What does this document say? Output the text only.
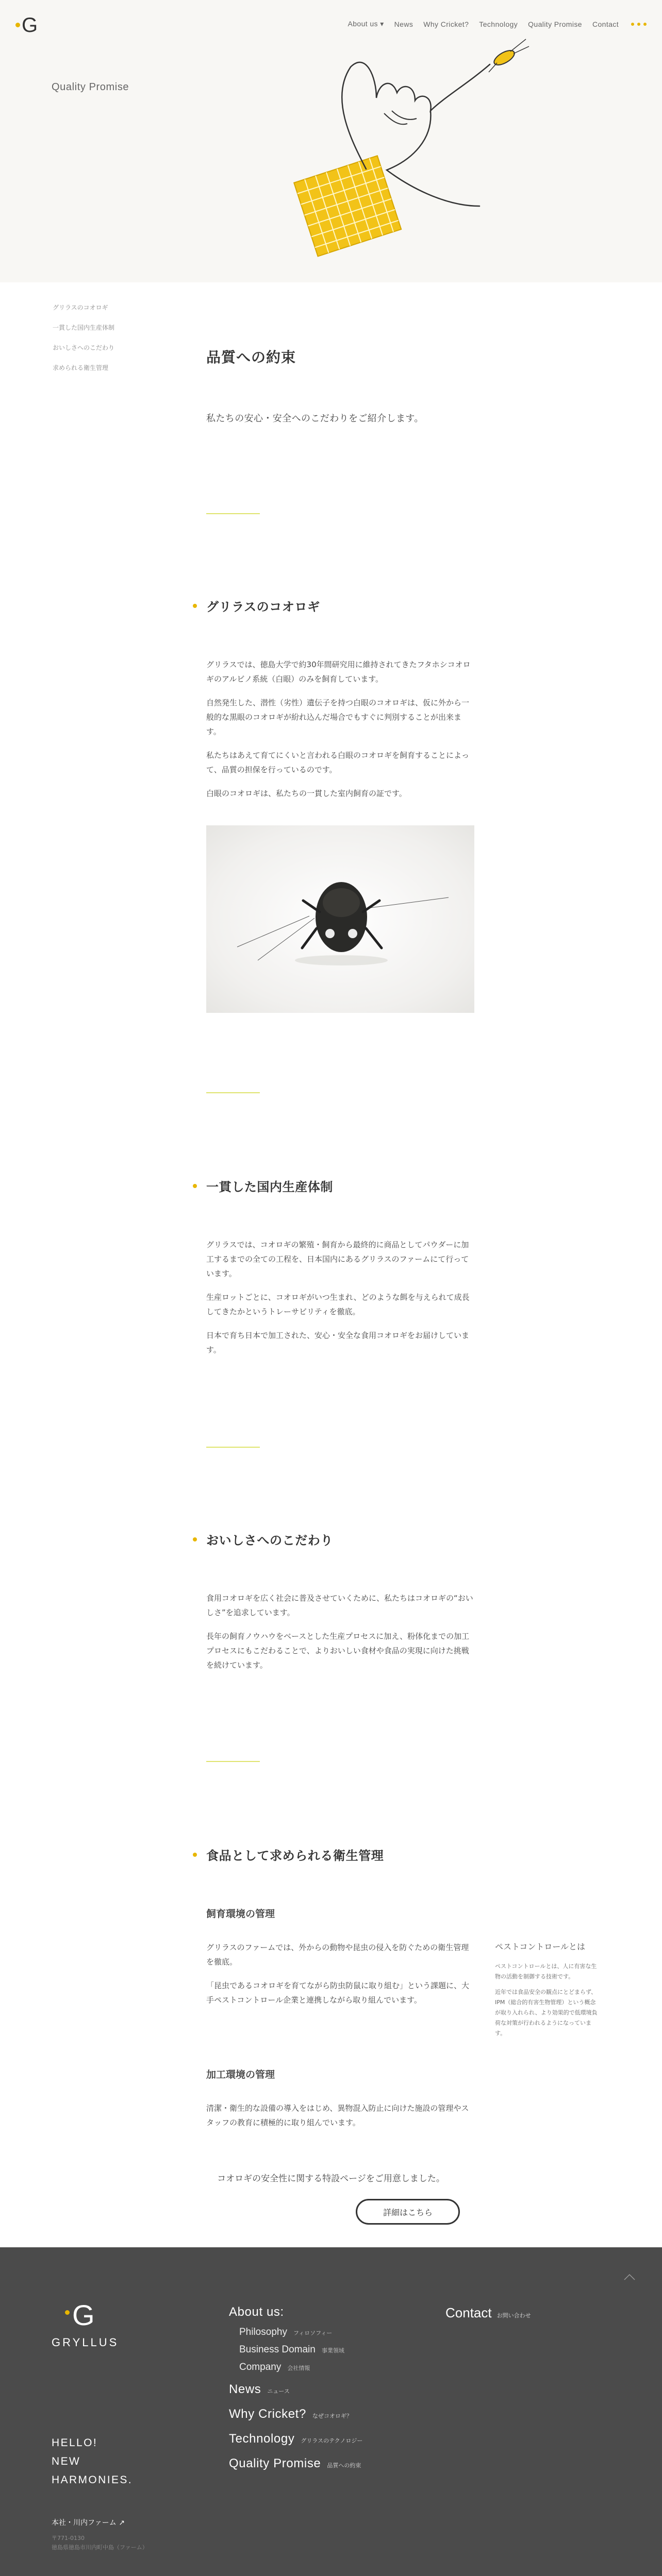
Quality Promise
G	About us ▾ News Why Cricket? Technology Quality Promise Contact
グリラスのコオロギ
一貫した国内生産体制
おいしさへのこだわり
求められる衛生管理
品質への約束
私たちの安心・安全へのこだわりをご紹介します。
グリラスのコオロギ

グリラスでは、徳島大学で約30年間研究用に維持されてきたフタホシコオロギのアルビノ系統（白眼）のみを飼育しています。

自然発生した、潜性（劣性）遺伝子を持つ白眼のコオロギは、仮に外から一般的な黒眼のコオロギが紛れ込んだ場合でもすぐに判別することが出来ます。

私たちはあえて育てにくいと言われる白眼のコオロギを飼育することによって、品質の担保を行っているのです。

白眼のコオロギは、私たちの一貫した室内飼育の証です。

一貫した国内生産体制

グリラスでは、コオロギの繁殖・飼育から最終的に商品としてパウダーに加工するまでの全ての工程を、日本国内にあるグリラスのファームにて行っています。

生産ロットごとに、コオロギがいつ生まれ、どのような餌を与えられて成長してきたかというトレーサビリティを徹底。

日本で育ち日本で加工された、安心・安全な食用コオロギをお届けしています。

おいしさへのこだわり

食用コオロギを広く社会に普及させていくために、私たちはコオロギの“おいしさ”を追求しています。

長年の飼育ノウハウをベースとした生産プロセスに加え、粉体化までの加工プロセスにもこだわることで、よりおいしい食材や食品の実現に向けた挑戦を続けています。

食品として求められる衛生管理
飼育環境の管理

グリラスのファームでは、外からの動物や昆虫の侵入を防ぐための衛生管理を徹底。

「昆虫であるコオロギを育てながら防虫防鼠に取り組む」という課題に、大手ペストコントロール企業と連携しながら取り組んでいます。

ペストコントロールとは
ペストコントロールとは、人に有害な生物の活動を制御する技術です。
近年では食品安全の観点にとどまらず、IPM（総合的有害生物管理）という概念が取り入れられ、より効果的で低環境負荷な対策が行われるようになっています。
加工環境の管理

清潔・衛生的な設備の導入をはじめ、異物混入防止に向けた施設の管理やスタッフの教育に積極的に取り組んでいます。

コオロギの安全性に関する特設ページをご用意しました。
詳細はこちら
G
GRYLLUS
HELLO!
NEW
HARMONIES.
本社・川内ファーム ↗
〒771-0130
徳島県徳島市川内町中島（ファーム）
About us:
Philosophy フィロソフィー
Business Domain 事業領域
Company 会社情報
News ニュース
Why Cricket? なぜコオロギ？
Technology グリラスのテクノロジー
Quality Promise 品質への約束
Contact お問い合わせ
